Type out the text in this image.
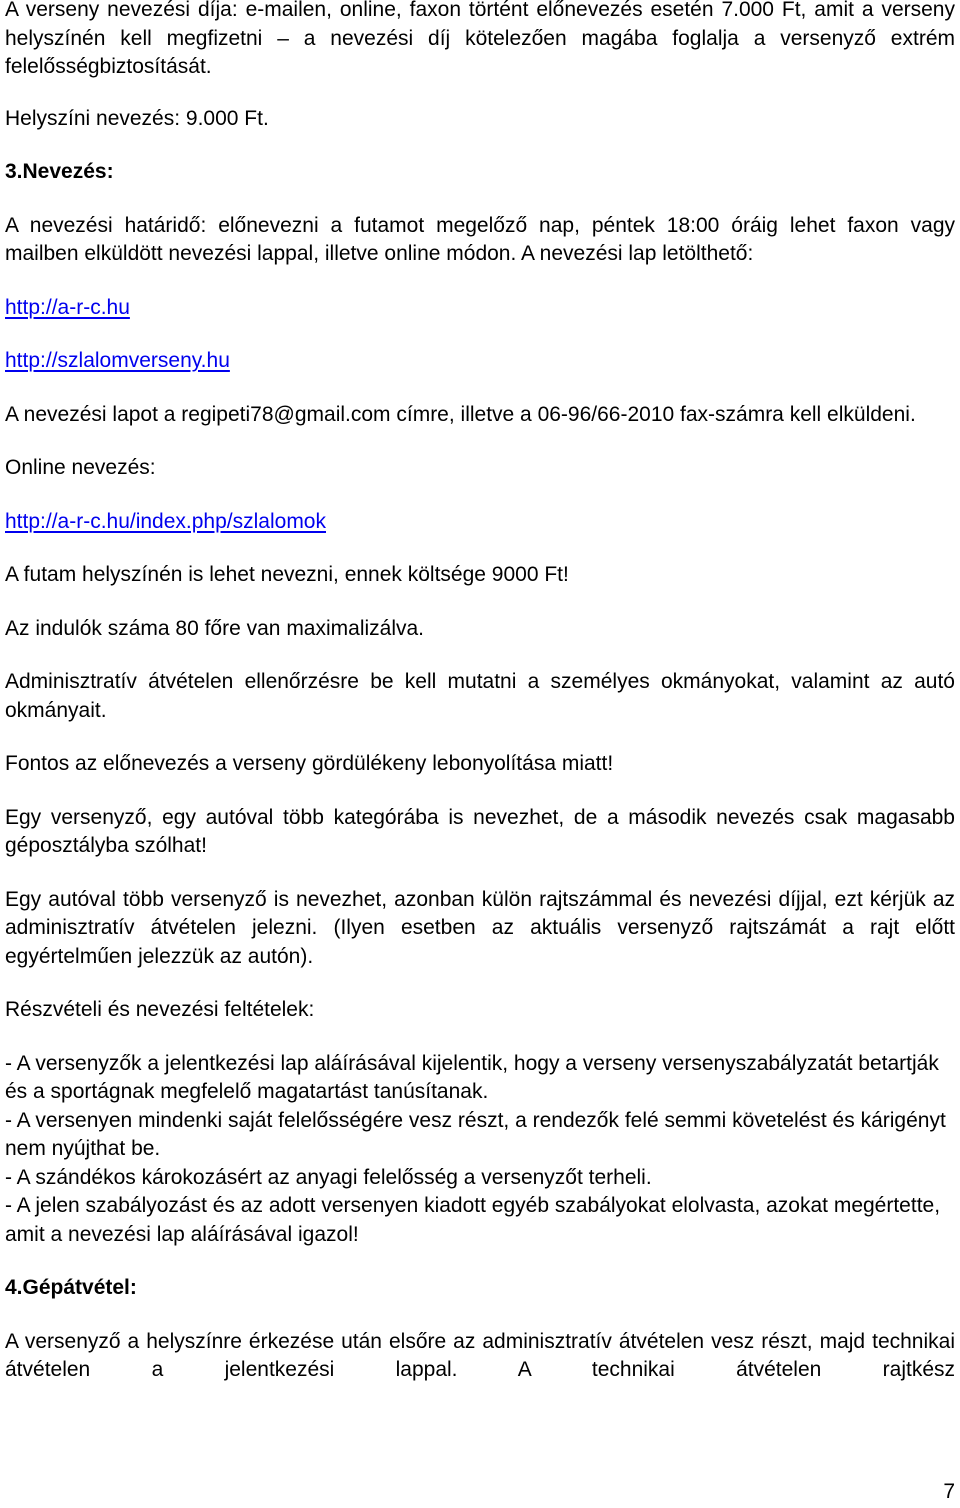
A verseny nevezési díja: e-mailen, online, faxon történt előnevezés esetén 7.000 Ft, amit a verseny helyszínén kell megfizetni – a nevezési díj kötelezően magába foglalja a versenyző extrém felelősségbiztosítását.

Helyszíni nevezés: 9.000 Ft.

3.Nevezés:

A nevezési határidő: előnevezni a futamot megelőző nap, péntek 18:00 óráig lehet faxon vagy mailben elküldött nevezési lappal, illetve online módon. A nevezési lap letölthető:

http://a-r-c.hu

http://szlalomverseny.hu

A nevezési lapot a regipeti78@gmail.com címre, illetve a 06-96/66-2010 fax-számra kell elküldeni.

Online nevezés:

http://a-r-c.hu/index.php/szlalomok

A futam helyszínén is lehet nevezni, ennek költsége 9000 Ft!

Az indulók száma 80 főre van maximalizálva.

Adminisztratív átvételen ellenőrzésre be kell mutatni a személyes okmányokat, valamint az autó okmányait.

Fontos az előnevezés a verseny gördülékeny lebonyolítása miatt!

Egy versenyző, egy autóval több kategórába is nevezhet, de a második nevezés csak magasabb géposztályba szólhat!

Egy autóval több versenyző is nevezhet, azonban külön rajtszámmal és nevezési díjjal, ezt kérjük az adminisztratív átvételen jelezni. (Ilyen esetben az aktuális versenyző rajtszámát a rajt előtt egyértelműen jelezzük az autón).

Részvételi és nevezési feltételek:

- A versenyzők a jelentkezési lap aláírásával kijelentik, hogy a verseny versenyszabályzatát betartják és a sportágnak megfelelő magatartást tanúsítanak.

- A versenyen mindenki saját felelősségére vesz részt, a rendezők felé semmi követelést és kárigényt nem nyújthat be.

- A szándékos károkozásért az anyagi felelősség a versenyzőt terheli.

- A jelen szabályozást és az adott versenyen kiadott egyéb szabályokat elolvasta, azokat megértette, amit a nevezési lap aláírásával igazol!

4.Gépátvétel:

A versenyző a helyszínre érkezése után elsőre az adminisztratív átvételen vesz részt, majd technikai átvételen a jelentkezési lappal. A technikai átvételen rajtkész

7
